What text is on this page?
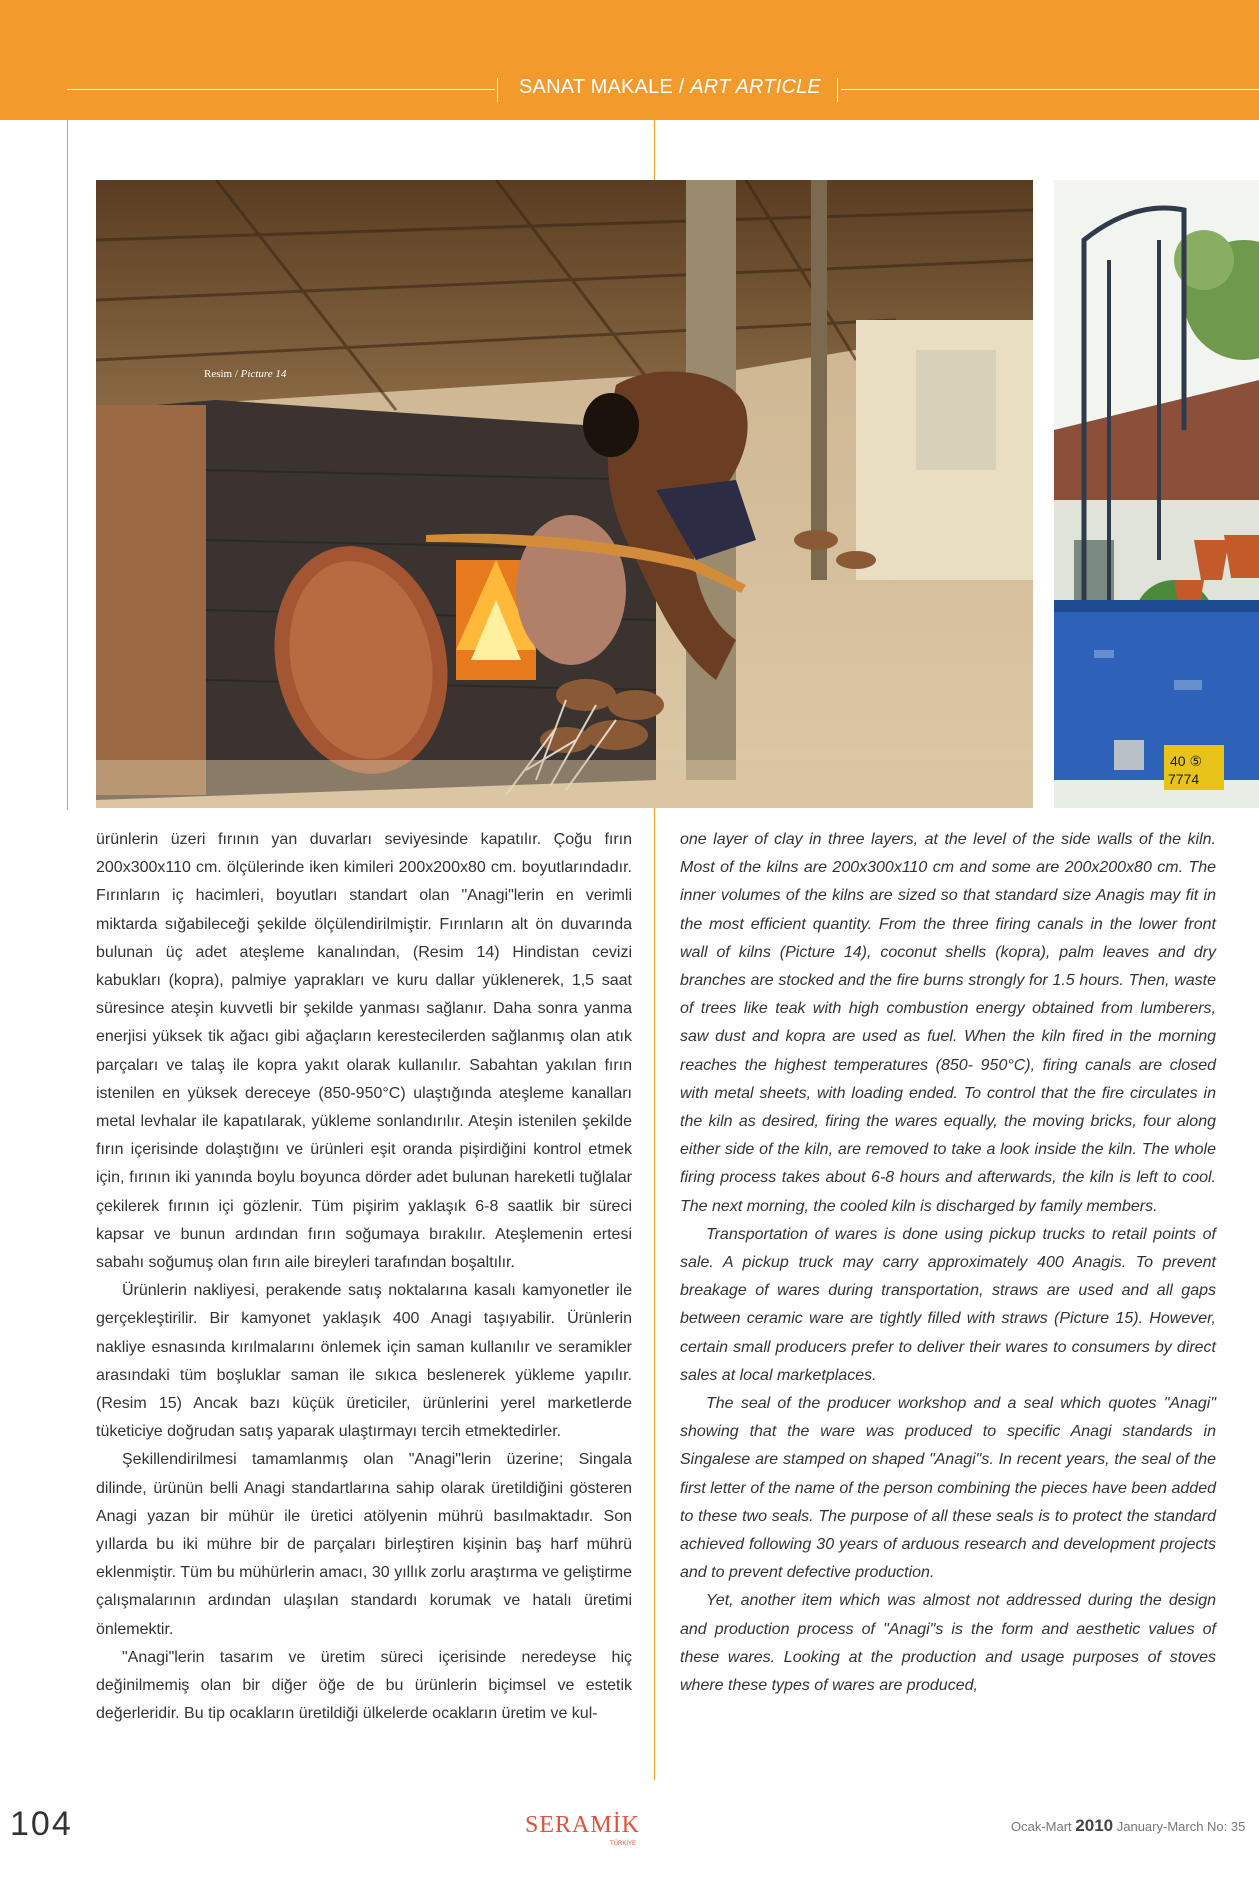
SANAT MAKALE / ART ARTICLE
Resim / Picture 14
40 ⑤
7774

ürünlerin üzeri fırının yan duvarları seviyesinde kapatılır. Çoğu fırın 200x300x110 cm. ölçülerinde iken kimileri 200x200x80 cm. boyutlarındadır. Fırınların iç hacimleri, boyutları standart olan "Anagi"lerin en verimli miktarda sığabileceği şekilde ölçülendirilmiştir. Fırınların alt ön duvarında bulunan üç adet ateşleme kanalından, (Resim 14) Hindistan cevizi kabukları (kopra), palmiye yaprakları ve kuru dallar yüklenerek, 1,5 saat süresince ateşin kuvvetli bir şekilde yanması sağlanır. Daha sonra yanma enerjisi yüksek tik ağacı gibi ağaçların kerestecilerden sağlanmış olan atık parçaları ve talaş ile kopra yakıt olarak kullanılır. Sabahtan yakılan fırın istenilen en yüksek dereceye (850-950°C) ulaştığında ateşleme kanalları metal levhalar ile kapatılarak, yükleme sonlandırılır. Ateşin istenilen şekilde fırın içerisinde dolaştığını ve ürünleri eşit oranda pişirdiğini kontrol etmek için, fırının iki yanında boylu boyunca dörder adet bulunan hareketli tuğlalar çekilerek fırının içi gözlenir. Tüm pişirim yaklaşık 6-8 saatlik bir süreci kapsar ve bunun ardından fırın soğumaya bırakılır. Ateşlemenin ertesi sabahı soğumuş olan fırın aile bireyleri tarafından boşaltılır.

Ürünlerin nakliyesi, perakende satış noktalarına kasalı kamyonetler ile gerçekleştirilir. Bir kamyonet yaklaşık 400 Anagi taşıyabilir. Ürünlerin nakliye esnasında kırılmalarını önlemek için saman kullanılır ve seramikler arasındaki tüm boşluklar saman ile sıkıca beslenerek yükleme yapılır. (Resim 15) Ancak bazı küçük üreticiler, ürünlerini yerel marketlerde tüketiciye doğrudan satış yaparak ulaştırmayı tercih etmektedirler.

Şekillendirilmesi tamamlanmış olan "Anagi"lerin üzerine; Singala dilinde, ürünün belli Anagi standartlarına sahip olarak üretildiğini gösteren Anagi yazan bir mühür ile üretici atölyenin mührü basılmaktadır. Son yıllarda bu iki mühre bir de parçaları birleştiren kişinin baş harf mührü eklenmiştir. Tüm bu mühürlerin amacı, 30 yıllık zorlu araştırma ve geliştirme çalışmalarının ardından ulaşılan standardı korumak ve hatalı üretimi önlemektir.

"Anagi"lerin tasarım ve üretim süreci içerisinde neredeyse hiç değinilmemiş olan bir diğer öğe de bu ürünlerin biçimsel ve estetik değerleridir. Bu tip ocakların üretildiği ülkelerde ocakların üretim ve kul-

one layer of clay in three layers, at the level of the side walls of the kiln. Most of the kilns are 200x300x110 cm and some are 200x200x80 cm. The inner volumes of the kilns are sized so that standard size Anagis may fit in the most efficient quantity. From the three firing canals in the lower front wall of kilns (Picture 14), coconut shells (kopra), palm leaves and dry branches are stocked and the fire burns strongly for 1.5 hours. Then, waste of trees like teak with high combustion energy obtained from lumberers, saw dust and kopra are used as fuel. When the kiln fired in the morning reaches the highest temperatures (850- 950°C), firing canals are closed with metal sheets, with loading ended. To control that the fire circulates in the kiln as desired, firing the wares equally, the moving bricks, four along either side of the kiln, are removed to take a look inside the kiln. The whole firing process takes about 6-8 hours and afterwards, the kiln is left to cool. The next morning, the cooled kiln is discharged by family members.

Transportation of wares is done using pickup trucks to retail points of sale. A pickup truck may carry approximately 400 Anagis. To prevent breakage of wares during transportation, straws are used and all gaps between ceramic ware are tightly filled with straws (Picture 15). However, certain small producers prefer to deliver their wares to consumers by direct sales at local marketplaces.

The seal of the producer workshop and a seal which quotes "Anagi" showing that the ware was produced to specific Anagi standards in Singalese are stamped on shaped "Anagi"s. In recent years, the seal of the first letter of the name of the person combining the pieces have been added to these two seals. The purpose of all these seals is to protect the standard achieved following 30 years of arduous research and development projects and to prevent defective production.

Yet, another item which was almost not addressed during the design and production process of "Anagi"s is the form and aesthetic values of these wares. Looking at the production and usage purposes of stoves where these types of wares are produced,

104	SERAMİK
TÜRKİYE
Ocak-Mart 2010 January-March No: 35
